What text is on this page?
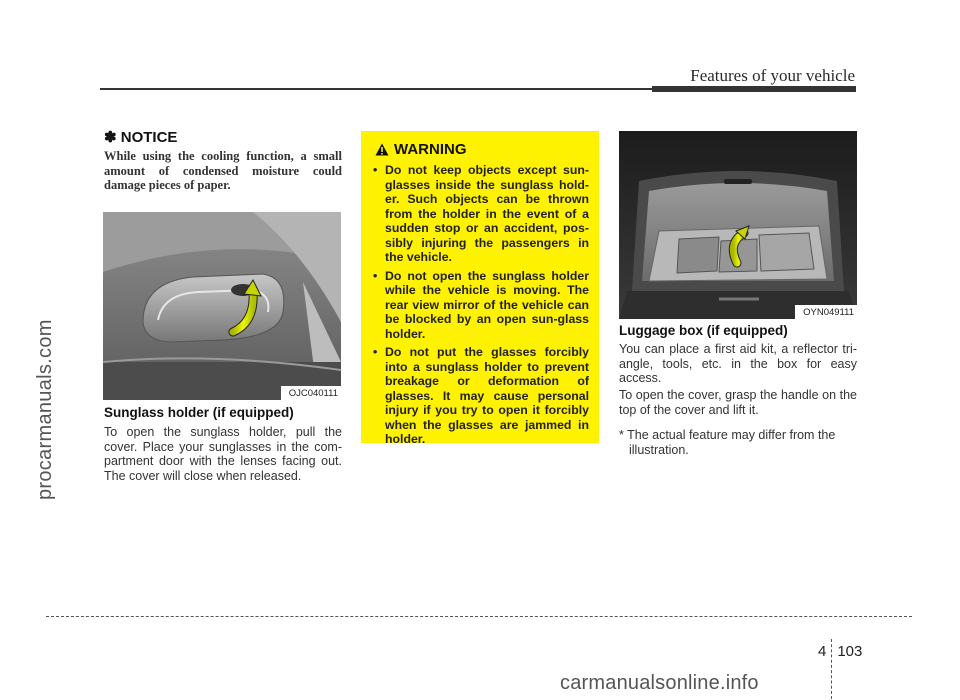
Features of your vehicle
procarmanuals.com
✽ NOTICE
While using the cooling function, a small amount of condensed moisture could damage pieces of paper.
OJC040111
Sunglass holder (if equipped)
To open the sunglass holder, pull the cover. Place your sunglasses in the com-partment door with the lenses facing out. The cover will close when released.
WARNING
• Do not keep objects except sun-glasses inside the sunglass hold-er. Such objects can be thrown from the holder in the event of a sudden stop or an accident, pos-sibly injuring the passengers in the vehicle.
• Do not open the sunglass holder while the vehicle is moving. The rear view mirror of the vehicle can be blocked by an open sun-glass holder.
• Do not put the glasses forcibly into a sunglass holder to prevent breakage or deformation of glasses. It may cause personal injury if you try to open it forcibly when the glasses are jammed in holder.
OYN049111
Luggage box (if equipped)
You can place a first aid kit, a reflector tri-angle, tools, etc. in the box for easy access.
To open the cover, grasp the handle on the top of the cover and lift it.
* The actual feature may differ from the illustration.
4 103
carmanualsonline.info
